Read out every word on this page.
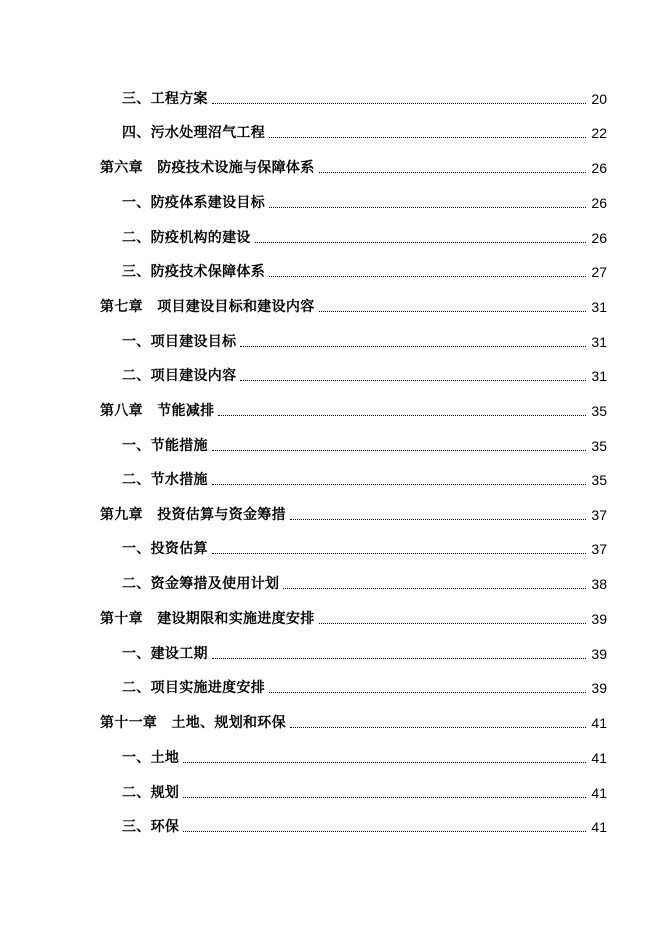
三、工程方案	20
四、污水处理沼气工程	22
第六章　防疫技术设施与保障体系	26
一、防疫体系建设目标	26
二、防疫机构的建设	26
三、防疫技术保障体系	27
第七章　项目建设目标和建设内容	31
一、项目建设目标	31
二、项目建设内容	31
第八章　节能减排	35
一、节能措施	35
二、节水措施	35
第九章　投资估算与资金筹措	37
一、投资估算	37
二、资金筹措及使用计划	38
第十章　建设期限和实施进度安排	39
一、建设工期	39
二、项目实施进度安排	39
第十一章　土地、规划和环保	41
一、土地	41
二、规划	41
三、环保	41
